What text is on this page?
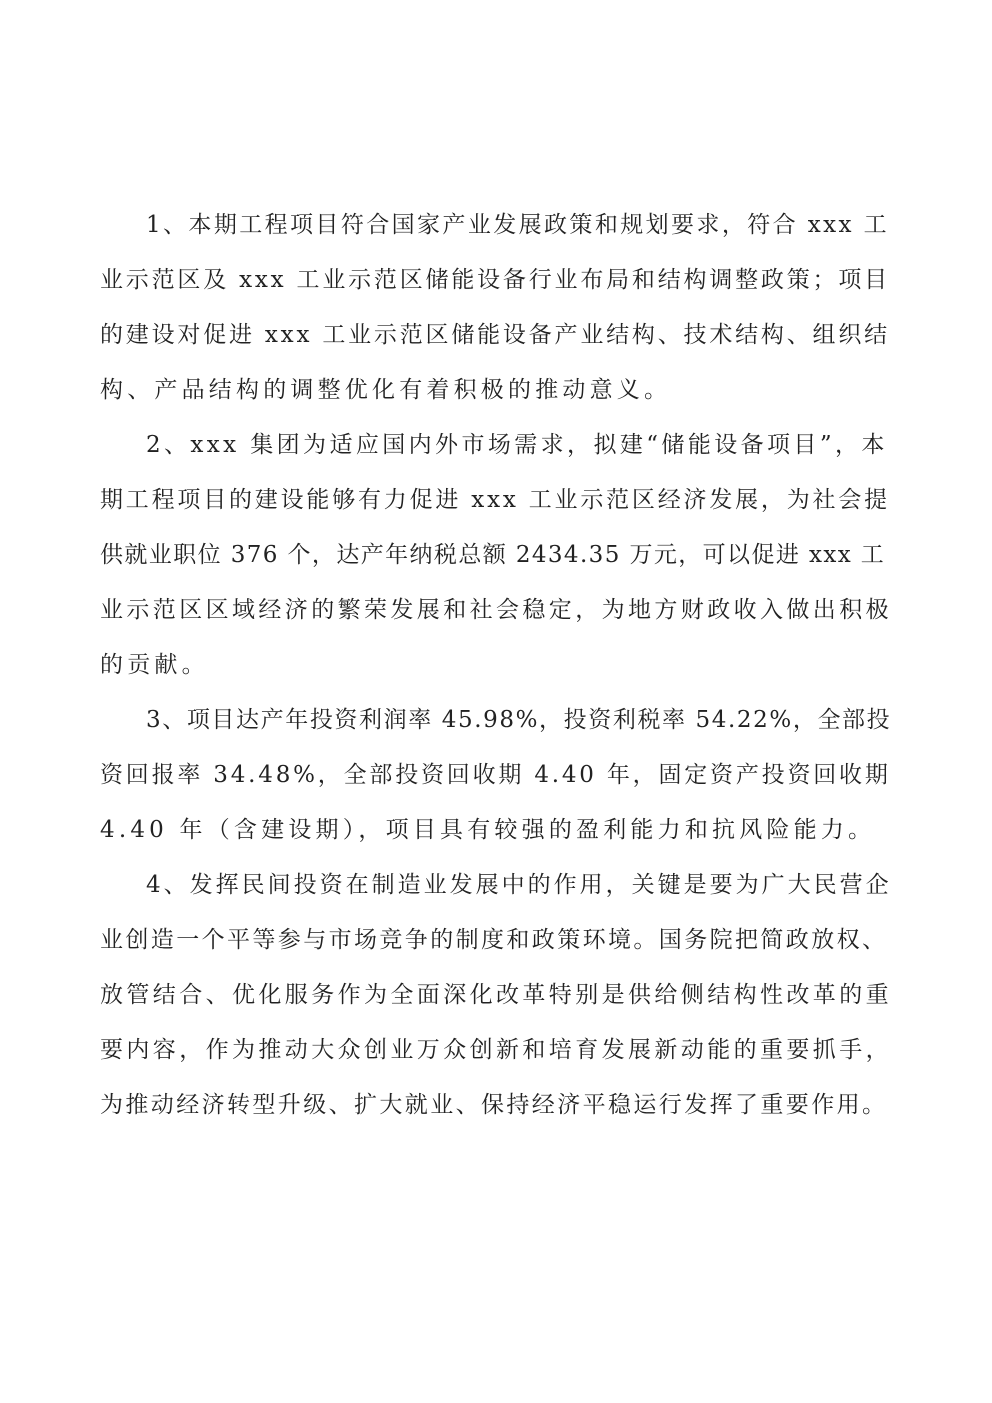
1、本期工程项目符合国家产业发展政策和规划要求，符合 xxx 工
业示范区及 xxx 工业示范区储能设备行业布局和结构调整政策；项目
的建设对促进 xxx 工业示范区储能设备产业结构、技术结构、组织结
构、产品结构的调整优化有着积极的推动意义。
2、xxx 集团为适应国内外市场需求，拟建“储能设备项目”，本
期工程项目的建设能够有力促进 xxx 工业示范区经济发展，为社会提
供就业职位 376 个，达产年纳税总额 2434.35 万元，可以促进 xxx 工
业示范区区域经济的繁荣发展和社会稳定，为地方财政收入做出积极
的贡献。
3、项目达产年投资利润率 45.98%，投资利税率 54.22%，全部投
资回报率 34.48%，全部投资回收期 4.40 年，固定资产投资回收期
4.40 年（含建设期），项目具有较强的盈利能力和抗风险能力。
4、发挥民间投资在制造业发展中的作用，关键是要为广大民营企
业创造一个平等参与市场竞争的制度和政策环境。国务院把简政放权、
放管结合、优化服务作为全面深化改革特别是供给侧结构性改革的重
要内容，作为推动大众创业万众创新和培育发展新动能的重要抓手，
为推动经济转型升级、扩大就业、保持经济平稳运行发挥了重要作用。
